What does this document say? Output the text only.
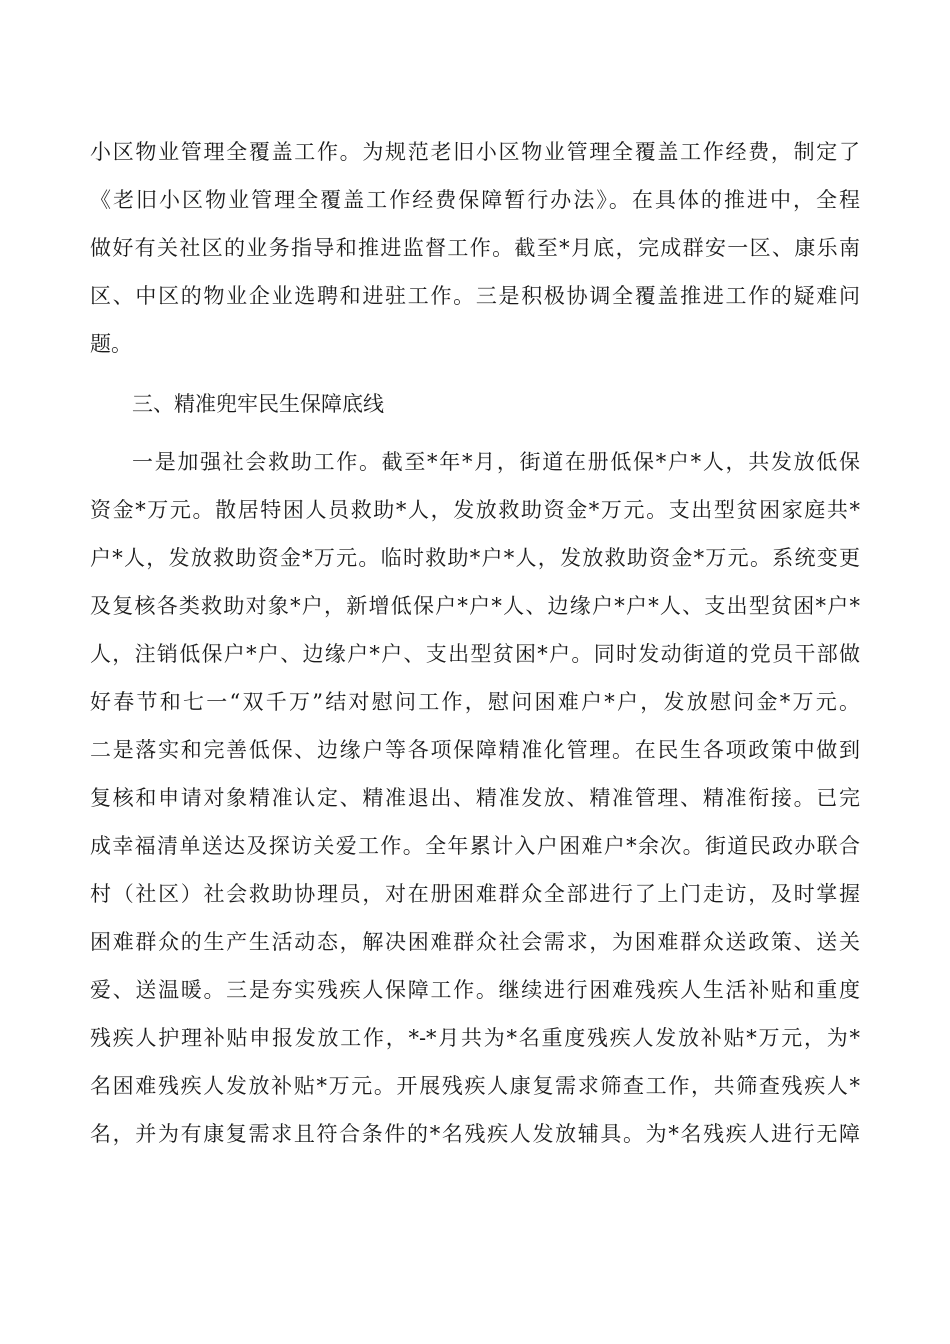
小区物业管理全覆盖工作。为规范老旧小区物业管理全覆盖工作经费，制定了
《老旧小区物业管理全覆盖工作经费保障暂行办法》。在具体的推进中，全程
做好有关社区的业务指导和推进监督工作。截至*月底，完成群安一区、康乐南
区、中区的物业企业选聘和进驻工作。三是积极协调全覆盖推进工作的疑难问
题。
三、精准兜牢民生保障底线
一是加强社会救助工作。截至*年*月，街道在册低保*户*人，共发放低保
资金*万元。散居特困人员救助*人，发放救助资金*万元。支出型贫困家庭共*
户*人，发放救助资金*万元。临时救助*户*人，发放救助资金*万元。系统变更
及复核各类救助对象*户，新增低保户*户*人、边缘户*户*人、支出型贫困*户*
人，注销低保户*户、边缘户*户、支出型贫困*户。同时发动街道的党员干部做
好春节和七一“双千万”结对慰问工作，慰问困难户*户，发放慰问金*万元。
二是落实和完善低保、边缘户等各项保障精准化管理。在民生各项政策中做到
复核和申请对象精准认定、精准退出、精准发放、精准管理、精准衔接。已完
成幸福清单送达及探访关爱工作。全年累计入户困难户*余次。街道民政办联合
村（社区）社会救助协理员，对在册困难群众全部进行了上门走访，及时掌握
困难群众的生产生活动态，解决困难群众社会需求，为困难群众送政策、送关
爱、送温暖。三是夯实残疾人保障工作。继续进行困难残疾人生活补贴和重度
残疾人护理补贴申报发放工作，*-*月共为*名重度残疾人发放补贴*万元，为*
名困难残疾人发放补贴*万元。开展残疾人康复需求筛查工作，共筛查残疾人*
名，并为有康复需求且符合条件的*名残疾人发放辅具。为*名残疾人进行无障
